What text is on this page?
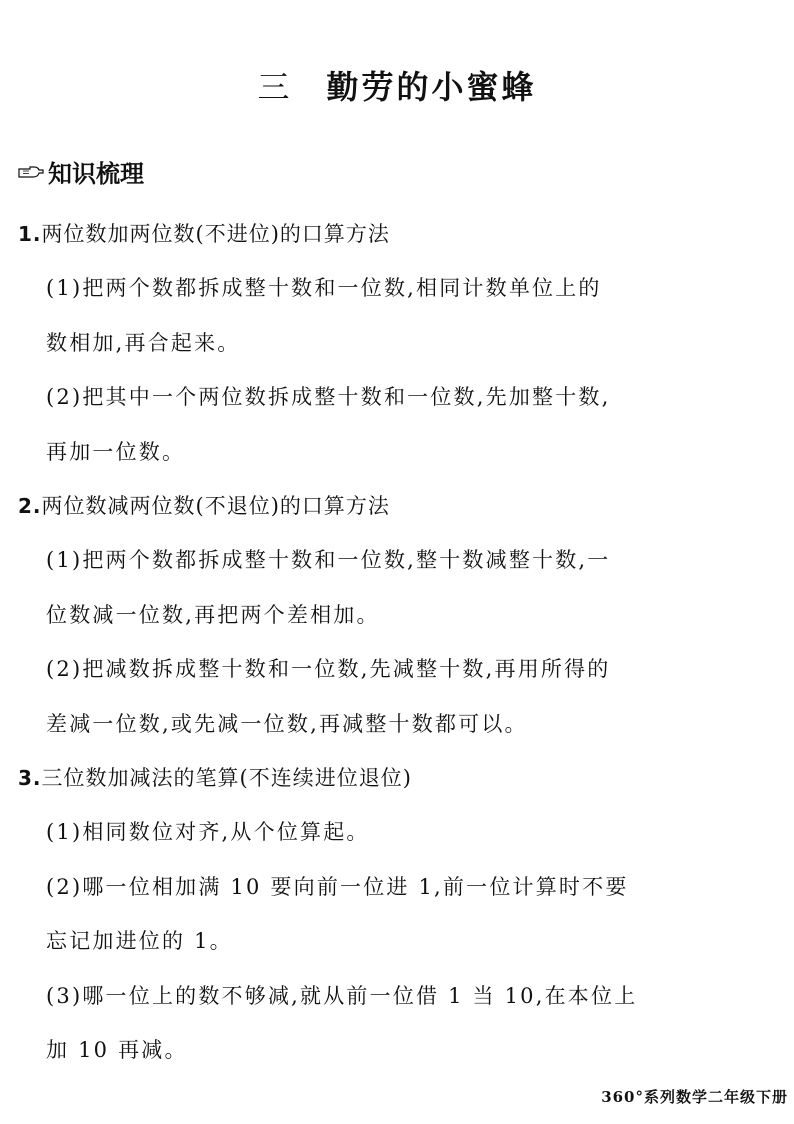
三 勤劳的小蜜蜂
知识梳理
1.两位数加两位数(不进位)的口算方法
(1)把两个数都拆成整十数和一位数,相同计数单位上的
数相加,再合起来。
(2)把其中一个两位数拆成整十数和一位数,先加整十数,
再加一位数。
2.两位数减两位数(不退位)的口算方法
(1)把两个数都拆成整十数和一位数,整十数减整十数,一
位数减一位数,再把两个差相加。
(2)把减数拆成整十数和一位数,先减整十数,再用所得的
差减一位数,或先减一位数,再减整十数都可以。
3.三位数加减法的笔算(不连续进位退位)
(1)相同数位对齐,从个位算起。
(2)哪一位相加满 10 要向前一位进 1,前一位计算时不要
忘记加进位的 1。
(3)哪一位上的数不够减,就从前一位借 1 当 10,在本位上
加 10 再减。
360°系列数学二年级下册
